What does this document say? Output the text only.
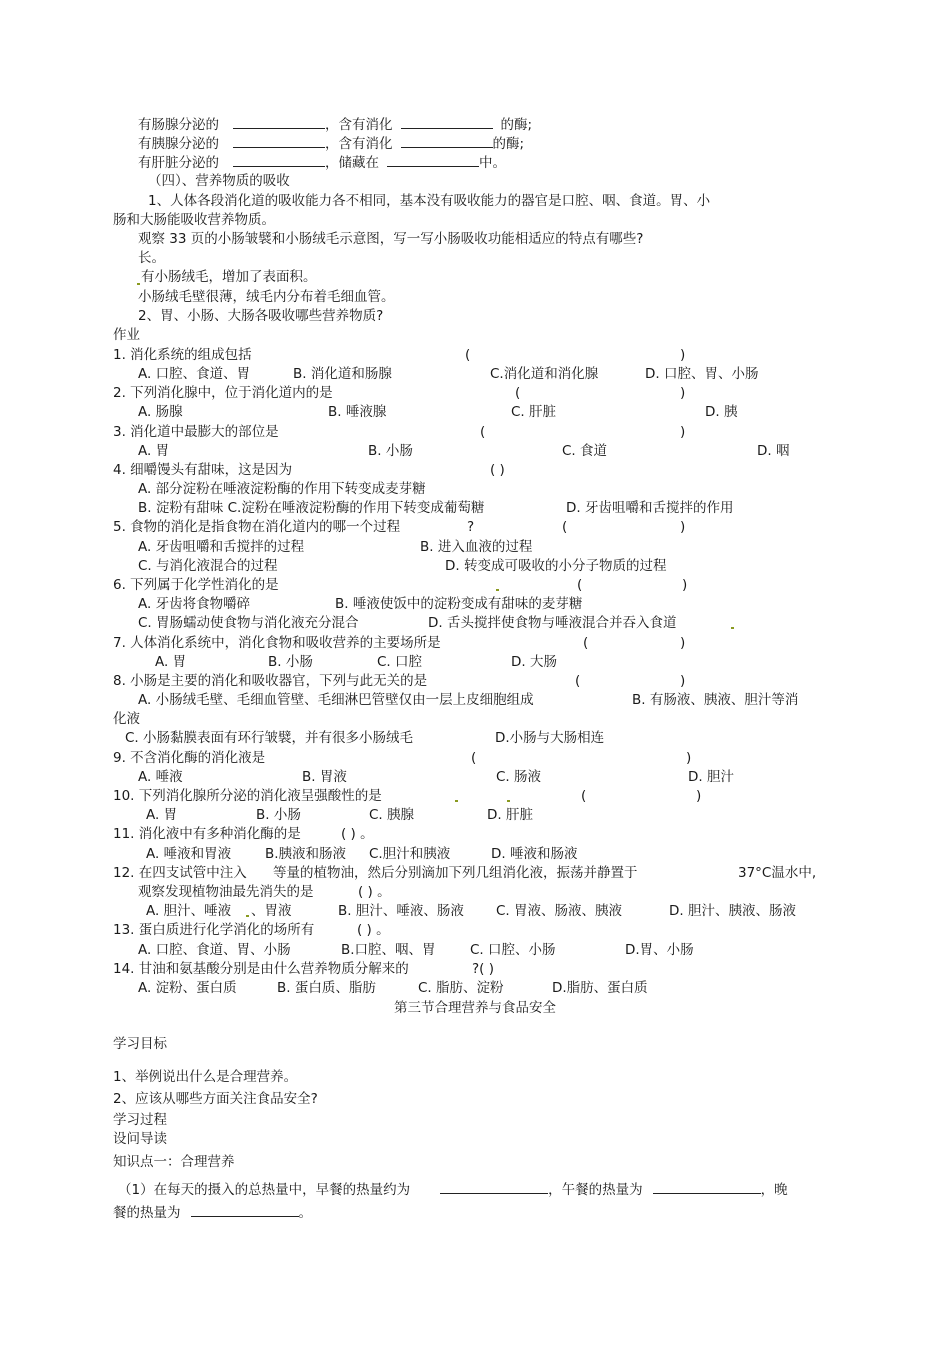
有肠腺分泌的	，含有消化	的酶;
有胰腺分泌的	，含有消化	的酶;
有肝脏分泌的	，储藏在	中。
（四）、营养物质的吸收
1、人体各段消化道的吸收能力各不相同，基本没有吸收能力的器官是口腔、咽、食道。胃、小
肠和大肠能吸收营养物质。
观察 33 页的小肠皱襞和小肠绒毛示意图，写一写小肠吸收功能相适应的特点有哪些?
长。
有小肠绒毛，增加了表面积。
小肠绒毛壁很薄，绒毛内分布着毛细血管。
2、胃、小肠、大肠各吸收哪些营养物质?
作业
1. 消化系统的组成包括	(	)
A. 口腔、食道、胃	B. 消化道和肠腺	C.消化道和消化腺	D. 口腔、胃、小肠
2. 下列消化腺中，位于消化道内的是	(	)
A. 肠腺	B. 唾液腺	C. 肝脏	D. 胰
3. 消化道中最膨大的部位是	(	)
A. 胃	B. 小肠	C. 食道	D. 咽
4. 细嚼馒头有甜味，这是因为	( )
A. 部分淀粉在唾液淀粉酶的作用下转变成麦芽糖
B. 淀粉有甜味 C.淀粉在唾液淀粉酶的作用下转变成葡萄糖	D. 牙齿咀嚼和舌搅拌的作用
5. 食物的消化是指食物在消化道内的哪一个过程	?	(	)
A. 牙齿咀嚼和舌搅拌的过程	B. 进入血液的过程
C. 与消化液混合的过程	D. 转变成可吸收的小分子物质的过程
6. 下列属于化学性消化的是	(	)
A. 牙齿将食物嚼碎	B. 唾液使饭中的淀粉变成有甜味的麦芽糖
C. 胃肠蠕动使食物与消化液充分混合	D. 舌头搅拌使食物与唾液混合并吞入食道
7. 人体消化系统中，消化食物和吸收营养的主要场所是	(	)
A. 胃	B. 小肠	C. 口腔	D. 大肠
8. 小肠是主要的消化和吸收器官，下列与此无关的是	(	)
A. 小肠绒毛壁、毛细血管壁、毛细淋巴管壁仅由一层上皮细胞组成	B. 有肠液、胰液、胆汁等消
化液
C. 小肠黏膜表面有环行皱襞，并有很多小肠绒毛	D.小肠与大肠相连
9. 不含消化酶的消化液是	(	)
A. 唾液	B. 胃液	C. 肠液	D. 胆汁
10. 下列消化腺所分泌的消化液呈强酸性的是	(	)
A. 胃	B. 小肠	C. 胰腺	D. 肝脏
11. 消化液中有多种消化酶的是	( ) 。
A. 唾液和胃液	B.胰液和肠液 C.胆汁和胰液	D. 唾液和肠液
12. 在四支试管中注入 等量的植物油，然后分别滴加下列几组消化液，振荡并静置于	37°C温水中,
观察发现植物油最先消失的是	( ) 。
A. 胆汁、唾液 、胃液	B. 胆汁、唾液、肠液 C. 胃液、肠液、胰液	D. 胆汁、胰液、肠液
13. 蛋白质进行化学消化的场所有	( ) 。
A. 口腔、食道、胃、小肠	B.口腔、咽、胃	C. 口腔、小肠	D.胃、小肠
14. 甘油和氨基酸分别是由什么营养物质分解来的	?( )
A. 淀粉、蛋白质	B. 蛋白质、脂肪	C. 脂肪、淀粉	D.脂肪、蛋白质
第三节合理营养与食品安全
学习目标
1、举例说出什么是合理营养。
2、应该从哪些方面关注食品安全?
学习过程
设问导读
知识点一：合理营养
（1）在每天的摄入的总热量中，早餐的热量约为	，午餐的热量为	，晚
餐的热量为	。
